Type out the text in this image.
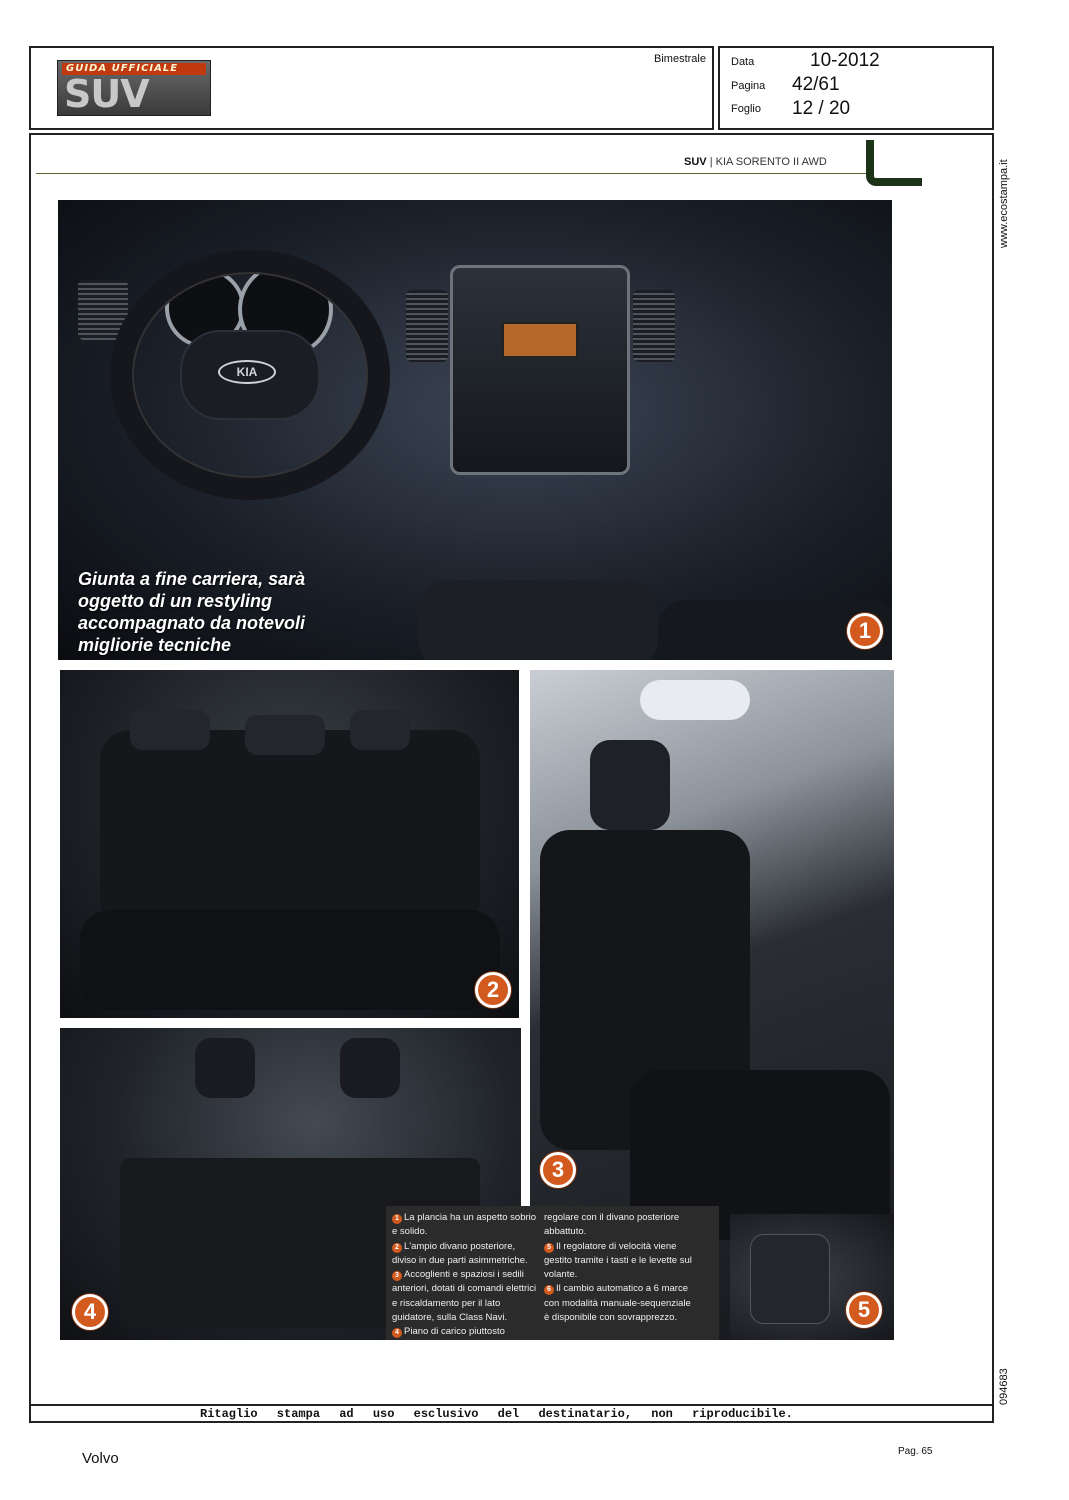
GUIDA UFFICIALE
SUV
Bimestrale Data	10-2012
Pagina 42/61
Foglio 12 / 20
www.ecostampa.it
094683
Ritaglio stampa ad uso esclusivo del destinatario, non riproducibile.
SUV | KIA SORENTO II AWD
KIA
Giunta a fine carriera, sarà oggetto di un restyling accompagnato da notevoli migliorie tecniche
1
2
3
4	5

1 La plancia ha un aspetto sobrio e solido.

2 L'ampio divano posteriore, diviso in due parti asimmetriche.

3 Accoglienti e spaziosi i sedili anteriori, dotati di comandi elettrici e riscaldamento per il lato guidatore, sulla Class Navi.

4 Piano di carico piuttosto

regolare con il divano posteriore abbattuto.

5 Il regolatore di velocità viene gestito tramite i tasti e le levette sul volante.

6 Il cambio automatico a 6 marce con modalità manuale-sequenziale è disponibile con sovrapprezzo.

Volvo	Pag. 65
